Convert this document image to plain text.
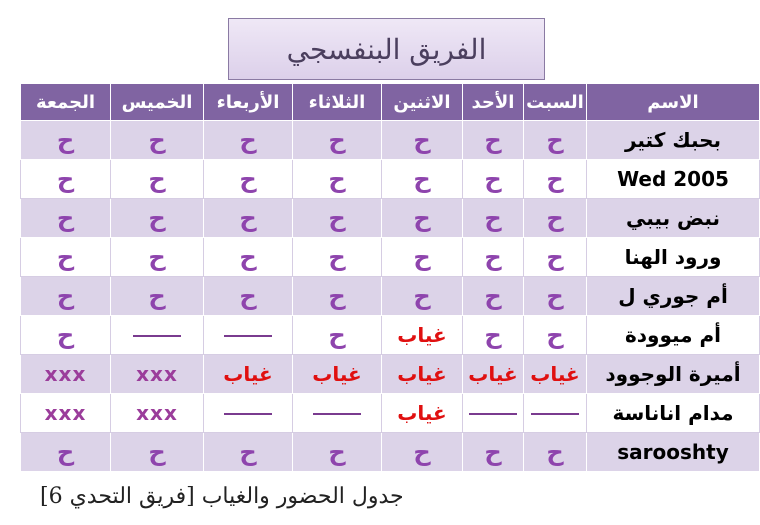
الفريق البنفسجي
الاسم	السبت	الأحد	الاثنين	الثلاثاء	الأربعاء	الخميس	الجمعة
بحبك كتير	ح	ح	ح	ح	ح	ح	ح
Wed 2005	ح	ح	ح	ح	ح	ح	ح
نبض بيبي	ح	ح	ح	ح	ح	ح	ح
ورود الهنا	ح	ح	ح	ح	ح	ح	ح
أم جوري ل	ح	ح	ح	ح	ح	ح	ح
أم ميوودة	ح	ح	غياب	ح			ح
أميرة الوجوود	غياب	غياب	غياب	غياب	غياب	xxx	xxx
مدام اناناسة			غياب			xxx	xxx
sarooshty	ح	ح	ح	ح	ح	ح	ح
جدول الحضور والغياب [فريق التحدي 6]
